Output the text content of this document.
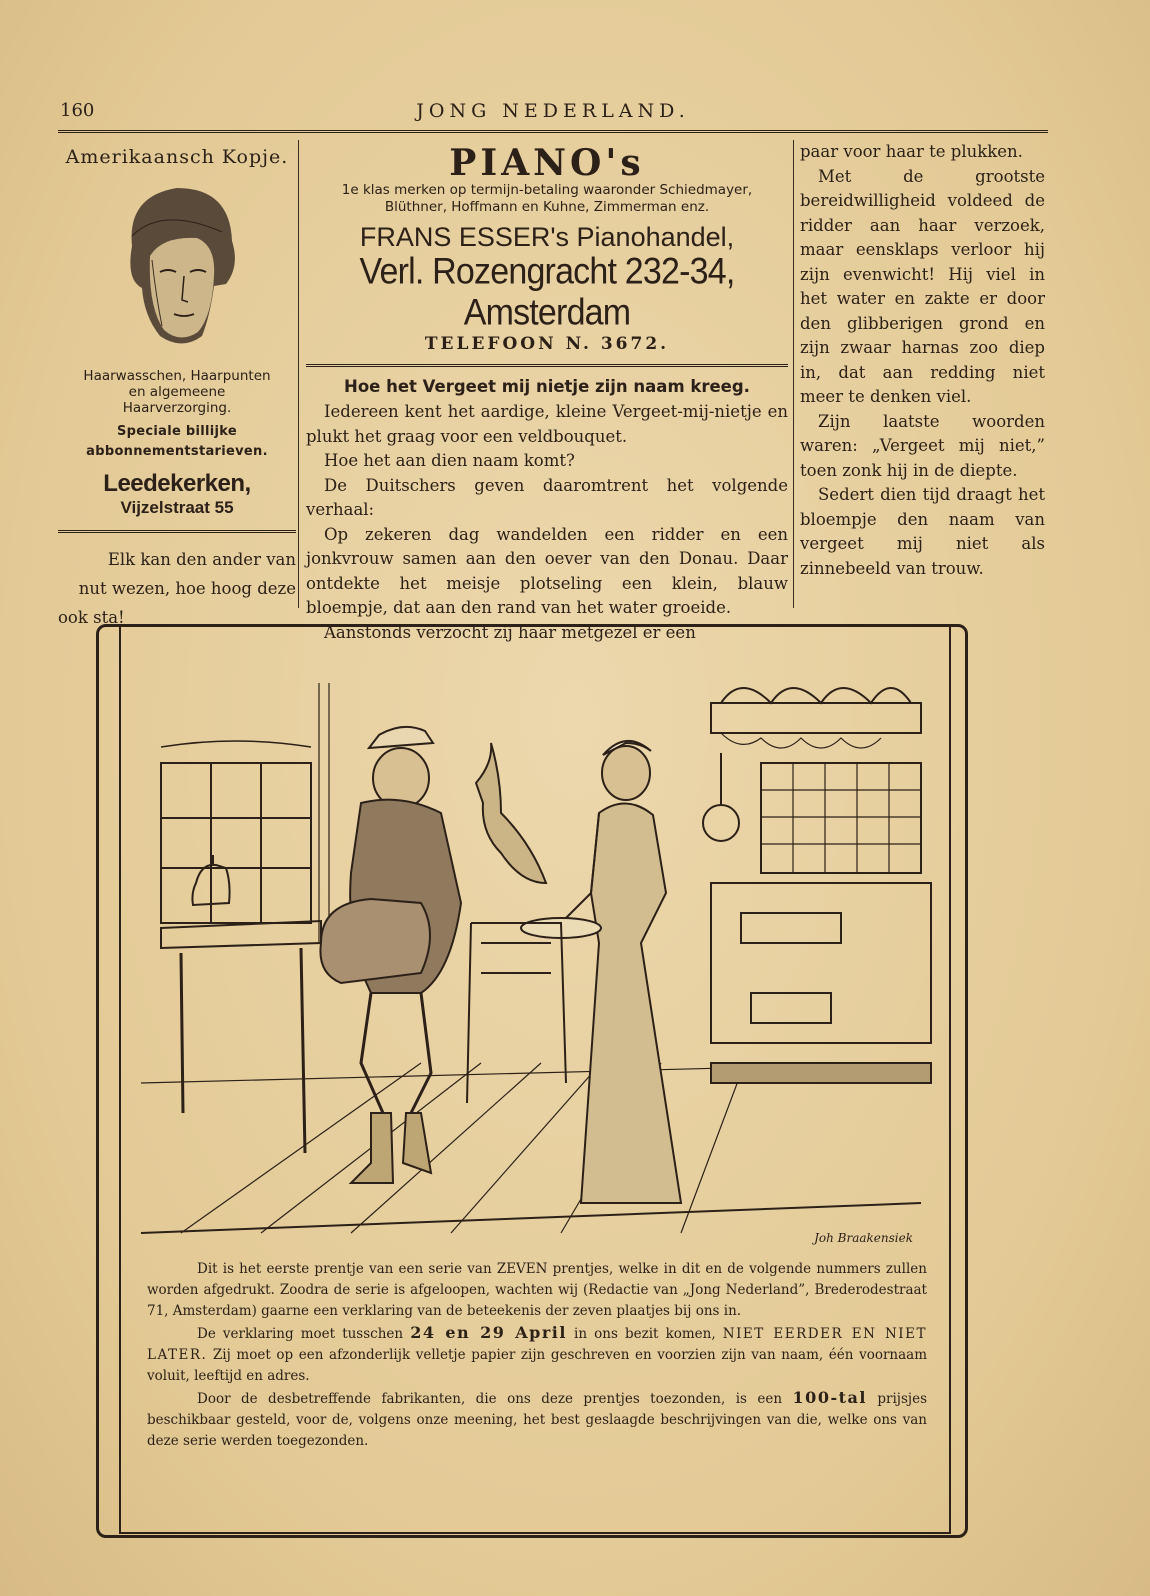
160	JONG NEDERLAND.
Amerikaansch Kopje.
Haarwasschen, Haarpunten
en algemeene
Haarverzorging.
Speciale billijke
abbonnementstarieven.
Leedekerken, Vijzelstraat 55
Elk kan den ander van
nut wezen, hoe hoog deze
ook sta!
PIANO's
1e klas merken op termijn-betaling waaronder Schiedmayer,
Blüthner, Hoffmann en Kuhne, Zimmerman enz.
FRANS ESSER's Pianohandel,
Verl. Rozengracht 232-34, Amsterdam
TELEFOON N. 3672.
Hoe het Vergeet mij nietje zijn naam kreeg.

Iedereen kent het aardige, kleine Vergeet-mij-nietje en plukt het graag voor een veldbouquet.

Hoe het aan dien naam komt?

De Duitschers geven daaromtrent het volgende verhaal:

Op zekeren dag wandelden een ridder en een jonkvrouw samen aan den oever van den Donau. Daar ontdekte het meisje plotseling een klein, blauw bloempje, dat aan den rand van het water groeide.

Aanstonds verzocht zij haar metgezel er een

paar voor haar te plukken.

Met de grootste bereidwilligheid voldeed de ridder aan haar verzoek, maar eensklaps verloor hij zijn evenwicht! Hij viel in het water en zakte er door den glibberigen grond en zijn zwaar harnas zoo diep in, dat aan redding niet meer te denken viel.

Zijn laatste woorden waren: „Vergeet mij niet,” toen zonk hij in de diepte.

Sedert dien tijd draagt het bloempje den naam van vergeet mij niet als zinnebeeld van trouw.

Joh Braakensiek

Dit is het eerste prentje van een serie van ZEVEN prentjes, welke in dit en de volgende nummers zullen worden afgedrukt. Zoodra de serie is afgeloopen, wachten wij (Redactie van „Jong Nederland”, Brederodestraat 71, Amsterdam) gaarne een verklaring van de beteekenis der zeven plaatjes bij ons in.

De verklaring moet tusschen 24 en 29 April in ons bezit komen, NIET EERDER EN NIET LATER. Zij moet op een afzonderlijk velletje papier zijn geschreven en voorzien zijn van naam, één voornaam voluit, leeftijd en adres.

Door de desbetreffende fabrikanten, die ons deze prentjes toezonden, is een 100-tal prijsjes beschikbaar gesteld, voor de, volgens onze meening, het best geslaagde beschrijvingen van die, welke ons van deze serie werden toegezonden.
